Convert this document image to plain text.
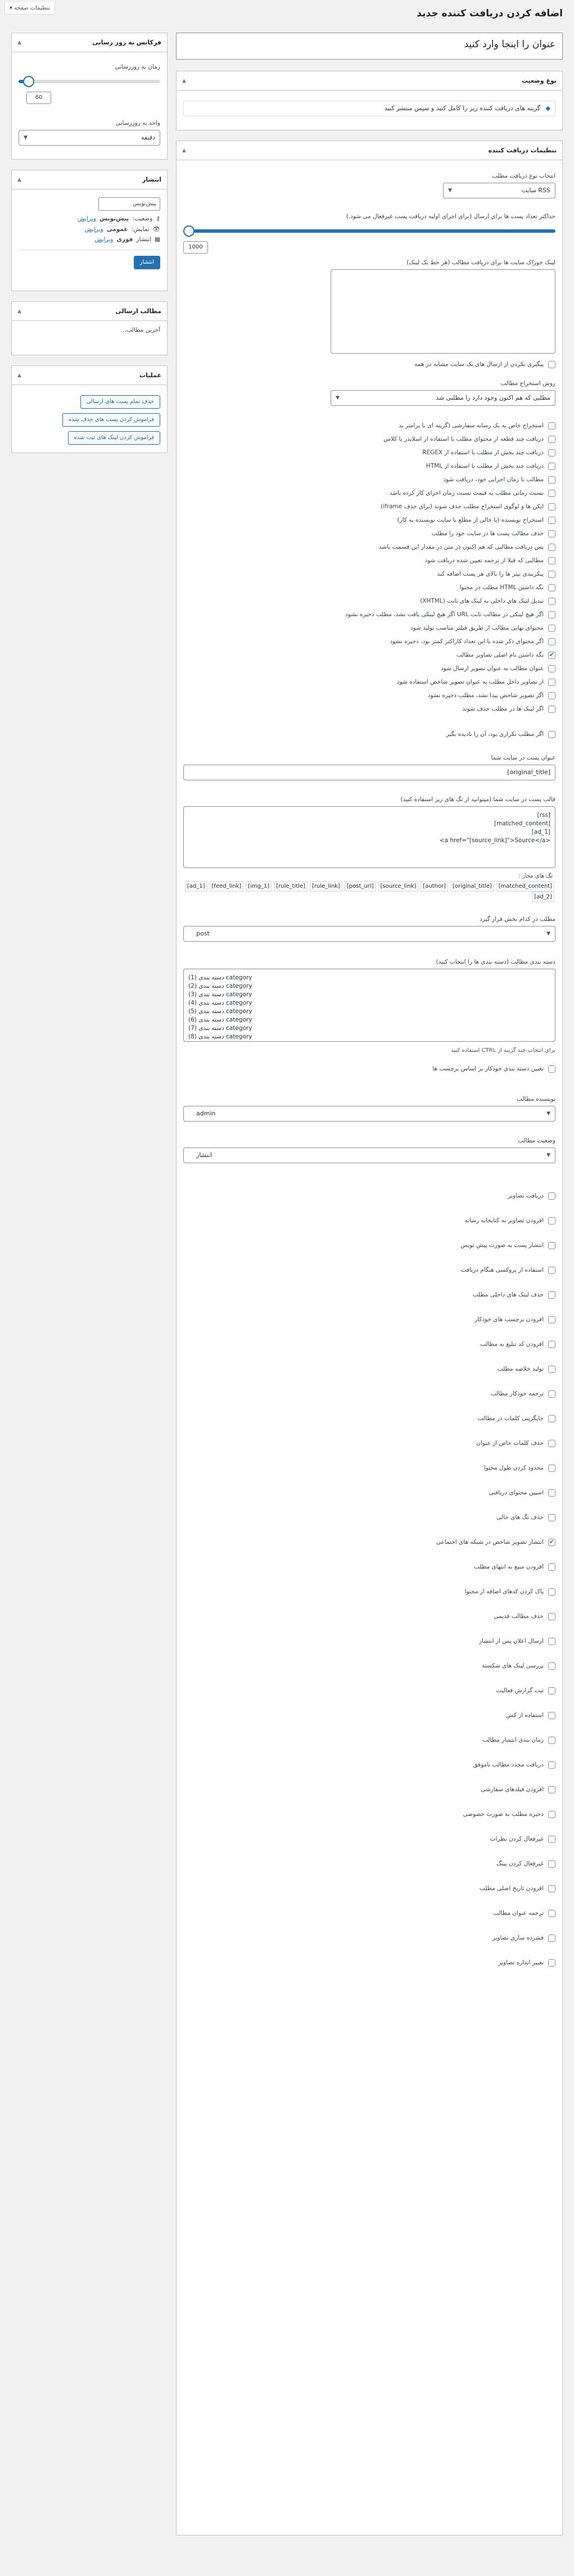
تنظیمات صفحه ▾	اضافه کردن دریافت کننده جدید
عنوان را اینجا وارد کنید
نوع وضعیت
▲
◆ گزینه های دریافت کننده زیر را کامل کنید و سپس منتشر کنید
تنظیمات دریافت کننده
▲
انتخاب نوع دریافت مطلب
RSS سایت
▼
حداکثر تعداد پست ها برای ارسال (برای اجرای اولیه دریافت پست غیرفعال می شود.)
1000
لینک خوراک سایت ها برای دریافت مطالب (هر خط یک لینک)
پیگیری نکردن از ارسال های یک سایت مشابه در همه
روش استخراج مطالب
مطلبی که هم اکنون وجود دارد را مطلبی شد
▼
استخراج خاص به یک رسانه سفارشی (گزینه ای با پرامتر ید
دریافت چند قطعه از محتوای مطلب با استفاده از اسلایدر یا کلاس
دریافت چند بخش از مطلب با استفاده از REGEX
دریافت چند بخش از مطلب با استفاده از HTML
مطالب با زمان اجرایی خود، دریافت شود
نسبت زمانی مطلب به قیمت نسبت زمان اجرای کار کرده باشد
ایکن ها و لوگوی استخراج مطلب حذف شوند (برای حذف iframe)
استخراج نویسنده (یا خالی از مطلع یا سایت نویسنده به کار)
حذف مطالب پست ها در سایت خود را مطلب
پس دریافت مطالبی که هم اکنون در متن در مقدار این قسمت باشد
مطالبی که قبلا از ترجمه تعیین شده دریافت شود
پیکربندی نیتر ها را بالای هر پست اضافه کند
نگه داشتن HTML مطلب در محتوا
تبدیل لینک های داخلی به لینک های ثابت (XHTML)
اگر هیچ لینکی در مطالب ثابت URL اگر هیچ لینکی یافت نشد، مطلب ذخیره نشود
محتوای نهایی مطالب از طریق فیلتر مناسب تولید شود
اگر محتوای ذکر شده با این تعداد کاراکتر کمتر بود، ذخیره نشود
✔
نگه داشتن نام اصلی تصاویر مطالب
عنوان مطالب به عنوان تصویر ارسال شود
از تصاویر داخل مطلب به عنوان تصویر شاخص استفاده شود
اگر تصویر شاخص پیدا نشد، مطلب ذخیره نشود
اگر لینک ها در مطلب حذف شوند
اگر مطلب تکراری بود، آن را نادیده بگیر
عنوان پست در سایت شما
[original_title]
قالب پست در سایت شما (میتوانید از تگ های زیر استفاده کنید)
[rss]
[matched_content]
[ad_1]
<a href="[source_link]">Source</a>
تگ های مجاز : [matched_content][original_title][author][source_link][post_url][rule_link][rule_title][img_1][feed_link][ad_1][ad_2]
مطلب در کدام بخش قرار گیرد
post	▼
دسته بندی مطالب (دسته بندی ها را انتخاب کنید)
category دسته بندی (1)
category دسته بندی (2)
category دسته بندی (3)
category دسته بندی (4)
category دسته بندی (5)
category دسته بندی (6)
category دسته بندی (7)
category دسته بندی (8)
برای انتخاب چند گزینه از CTRL استفاده کنید
تعیین دسته بندی خودکار بر اساس برچسب ها
نویسنده مطالب
admin	▼
وضعیت مطالب
انتشار	▼
دریافت تصاویر
افزودن تصاویر به کتابخانه رسانه
انتشار پست به صورت پیش نویس
استفاده از پروکسی هنگام دریافت
حذف لینک های داخلی مطلب
افزودن برچسب های خودکار
افزودن کد تبلیغ به مطالب
تولید خلاصه مطلب
ترجمه خودکار مطالب
جایگزینی کلمات در مطالب
حذف کلمات خاص از عنوان
محدود کردن طول محتوا
اسپین محتوای دریافتی
حذف تگ های خالی
✔
انتشار تصویر شاخص در شبکه های اجتماعی
افزودن منبع به انتهای مطلب
پاک کردن کدهای اضافه از محتوا
حذف مطالب قدیمی
ارسال اعلان پس از انتشار
بررسی لینک های شکسته
ثبت گزارش فعالیت
استفاده از کش
زمان بندی انتشار مطالب
دریافت مجدد مطالب ناموفق
افزودن فیلدهای سفارشی
ذخیره مطلب به صورت خصوصی
غیرفعال کردن نظرات
غیرفعال کردن پینگ
افزودن تاریخ اصلی مطلب
ترجمه عنوان مطالب
فشرده سازی تصاویر
تغییر اندازه تصاویر
فرکانس به روز رسانی
▲
زمان به روزرسانی
60
واحد به روزرسانی
دقیقه
▼
انتشار
▲
پیش‌نویس
⚷
وضعیت:
پیش‌نویس
ویرایش
👁
نمایش:
عمومی
ویرایش
▦
انتشار
فوری
ویرایش
انتشار
مطالب ارسالی
▲
آخرین مطالب...
عملیات
▲
حذف تمام پست های ارسالی
فراموش کردن پست های حذف شده
فراموش کردن لینک های ثبت شده
